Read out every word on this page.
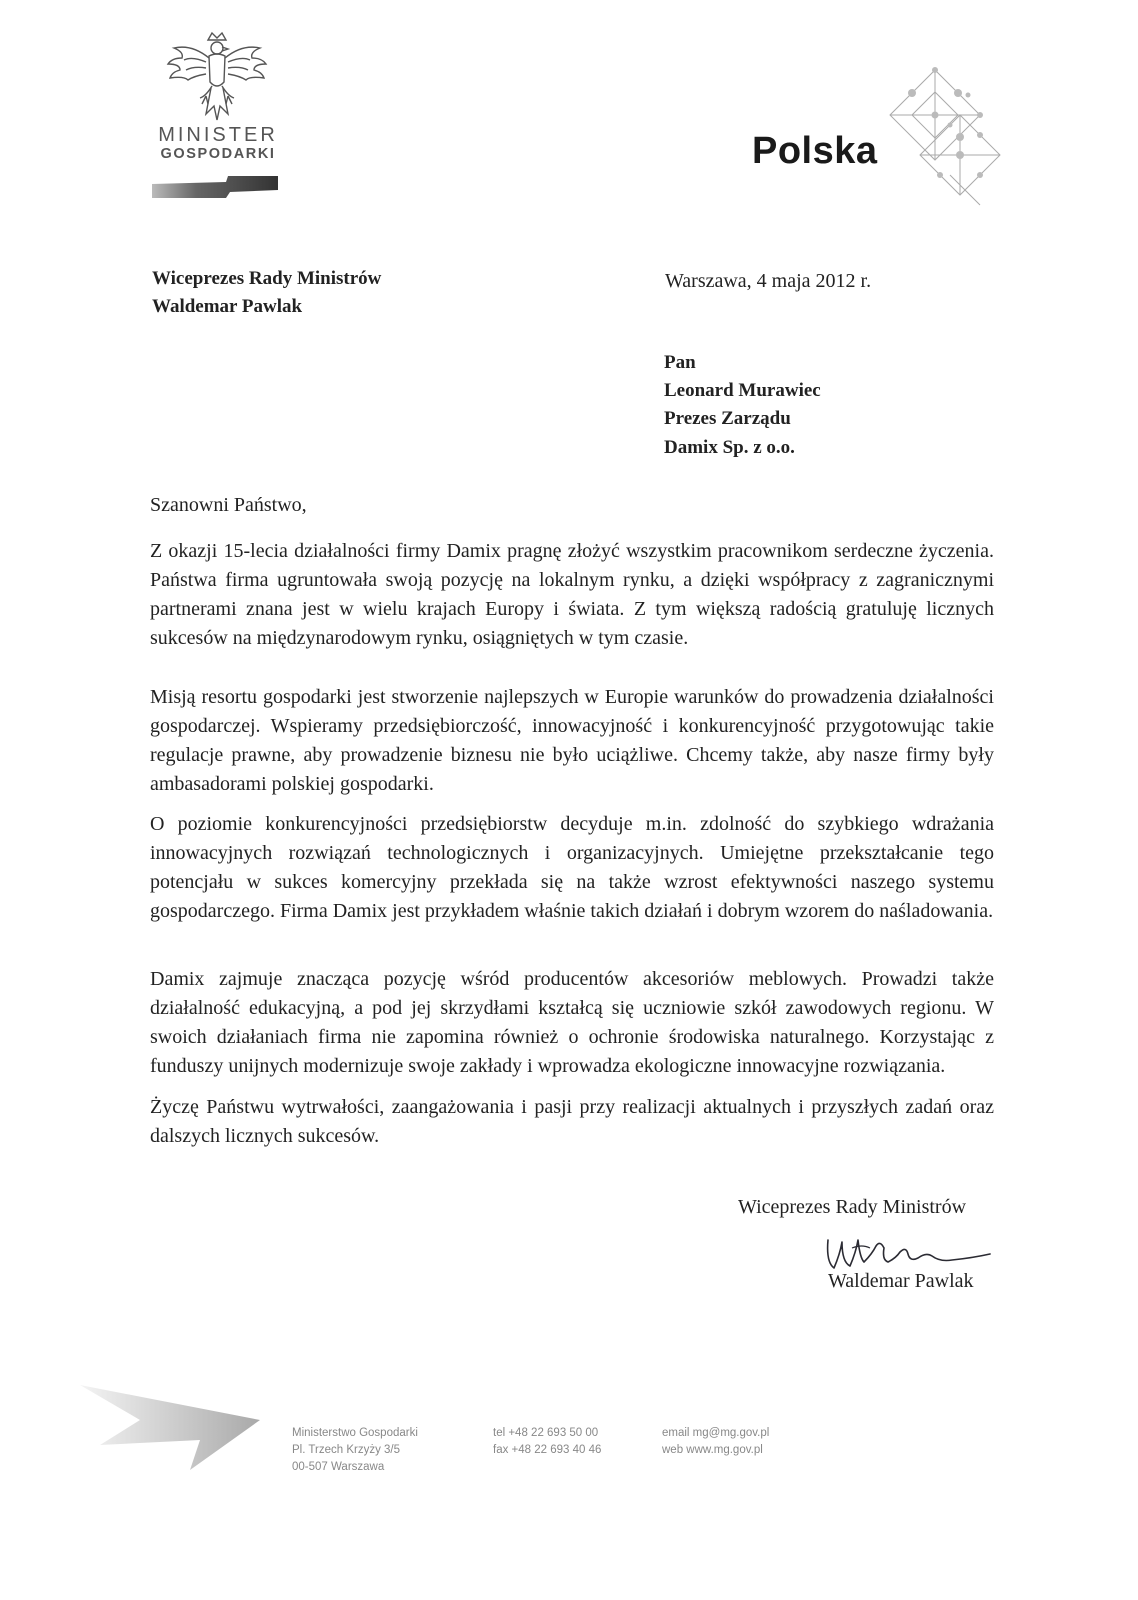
MINISTER
GOSPODARKI	Polska
Wiceprezes Rady Ministrów
Waldemar Pawlak
Warszawa, 4 maja 2012 r.
Pan
Leonard Murawiec
Prezes Zarządu
Damix Sp. z o.o.
Szanowni Państwo,

Z okazji 15-lecia działalności firmy Damix pragnę złożyć wszystkim pracownikom serdeczne życzenia. Państwa firma ugruntowała swoją pozycję na lokalnym rynku, a dzięki współpracy z zagranicznymi partnerami znana jest w wielu krajach Europy i świata. Z tym większą radością gratuluję licznych sukcesów na międzynarodowym rynku, osiągniętych w tym czasie.

Misją resortu gospodarki jest stworzenie najlepszych w Europie warunków do prowadzenia działalności gospodarczej. Wspieramy przedsiębiorczość, innowacyjność i konkurencyjność przygotowując takie regulacje prawne, aby prowadzenie biznesu nie było uciążliwe. Chcemy także, aby nasze firmy były ambasadorami polskiej gospodarki.

O poziomie konkurencyjności przedsiębiorstw decyduje m.in. zdolność do szybkiego wdrażania innowacyjnych rozwiązań technologicznych i organizacyjnych. Umiejętne przekształcanie tego potencjału w sukces komercyjny przekłada się na także wzrost efektywności naszego systemu gospodarczego. Firma Damix jest przykładem właśnie takich działań i dobrym wzorem do naśladowania.

Damix zajmuje znacząca pozycję wśród producentów akcesoriów meblowych. Prowadzi także działalność edukacyjną, a pod jej skrzydłami kształcą się uczniowie szkół zawodowych regionu. W swoich działaniach firma nie zapomina również o ochronie środowiska naturalnego. Korzystając z funduszy unijnych modernizuje swoje zakłady i wprowadza ekologiczne innowacyjne rozwiązania.

Życzę Państwu wytrwałości, zaangażowania i pasji przy realizacji aktualnych i przyszłych zadań oraz dalszych licznych sukcesów.

Wiceprezes Rady Ministrów
Waldemar Pawlak
Ministerstwo Gospodarki
Pl. Trzech Krzyży 3/5
00-507 Warszawa
tel +48 22 693 50 00
fax +48 22 693 40 46
email mg@mg.gov.pl
web www.mg.gov.pl
